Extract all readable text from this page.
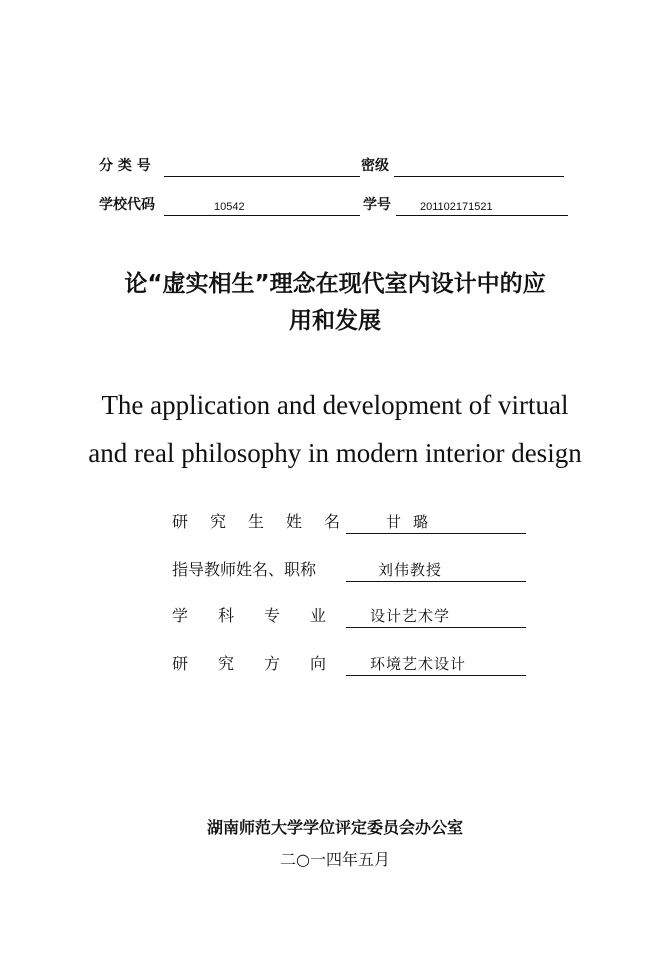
分 类 号	密级
学校代码	10542	学号	201102171521
论“虚实相生”理念在现代室内设计中的应
用和发展
The application and development of virtual
and real philosophy in modern interior design
研究生姓名 甘璐
指导教师姓名、职称	刘伟教授
学科专业 设计艺术学
研究方向 环境艺术设计
湖南师范大学学位评定委员会办公室
二○一四年五月
